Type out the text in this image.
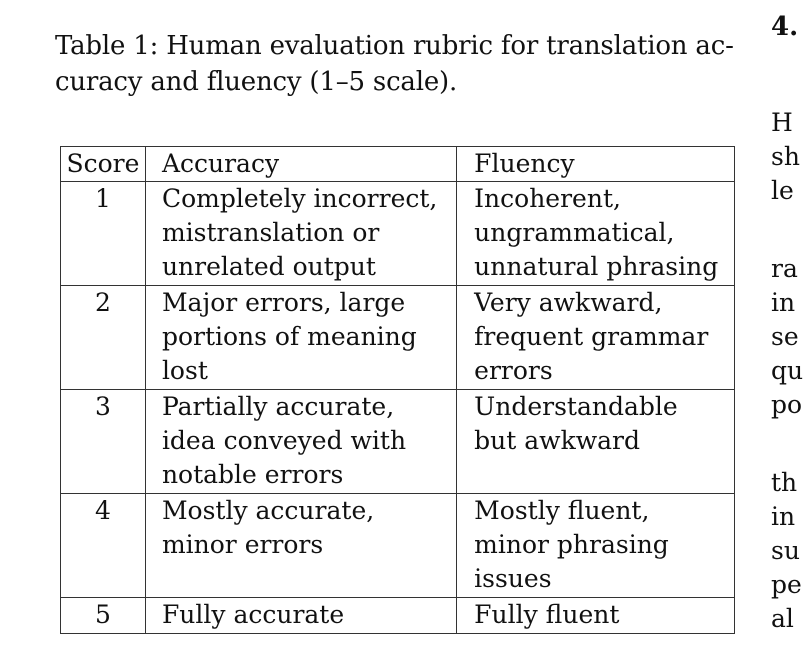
Table 1: Human evaluation rubric for translation ac-
curacy and fluency (1–5 scale).
Score	Accuracy	Fluency
1	Completely incorrect,
mistranslation or
unrelated output	Incoherent,
ungrammatical,
unnatural phrasing

2	Major errors, large
portions of meaning
lost	Very awkward,
frequent grammar
errors

3	Partially accurate,
idea conveyed with
notable errors	Understandable
but awkward

4	Mostly accurate,
minor errors	Mostly fluent,
minor phrasing
issues

5	Fully accurate	Fully fluent
4.
H
sh
le
ra
in
se
qu
po
th
in
su
pe
al
